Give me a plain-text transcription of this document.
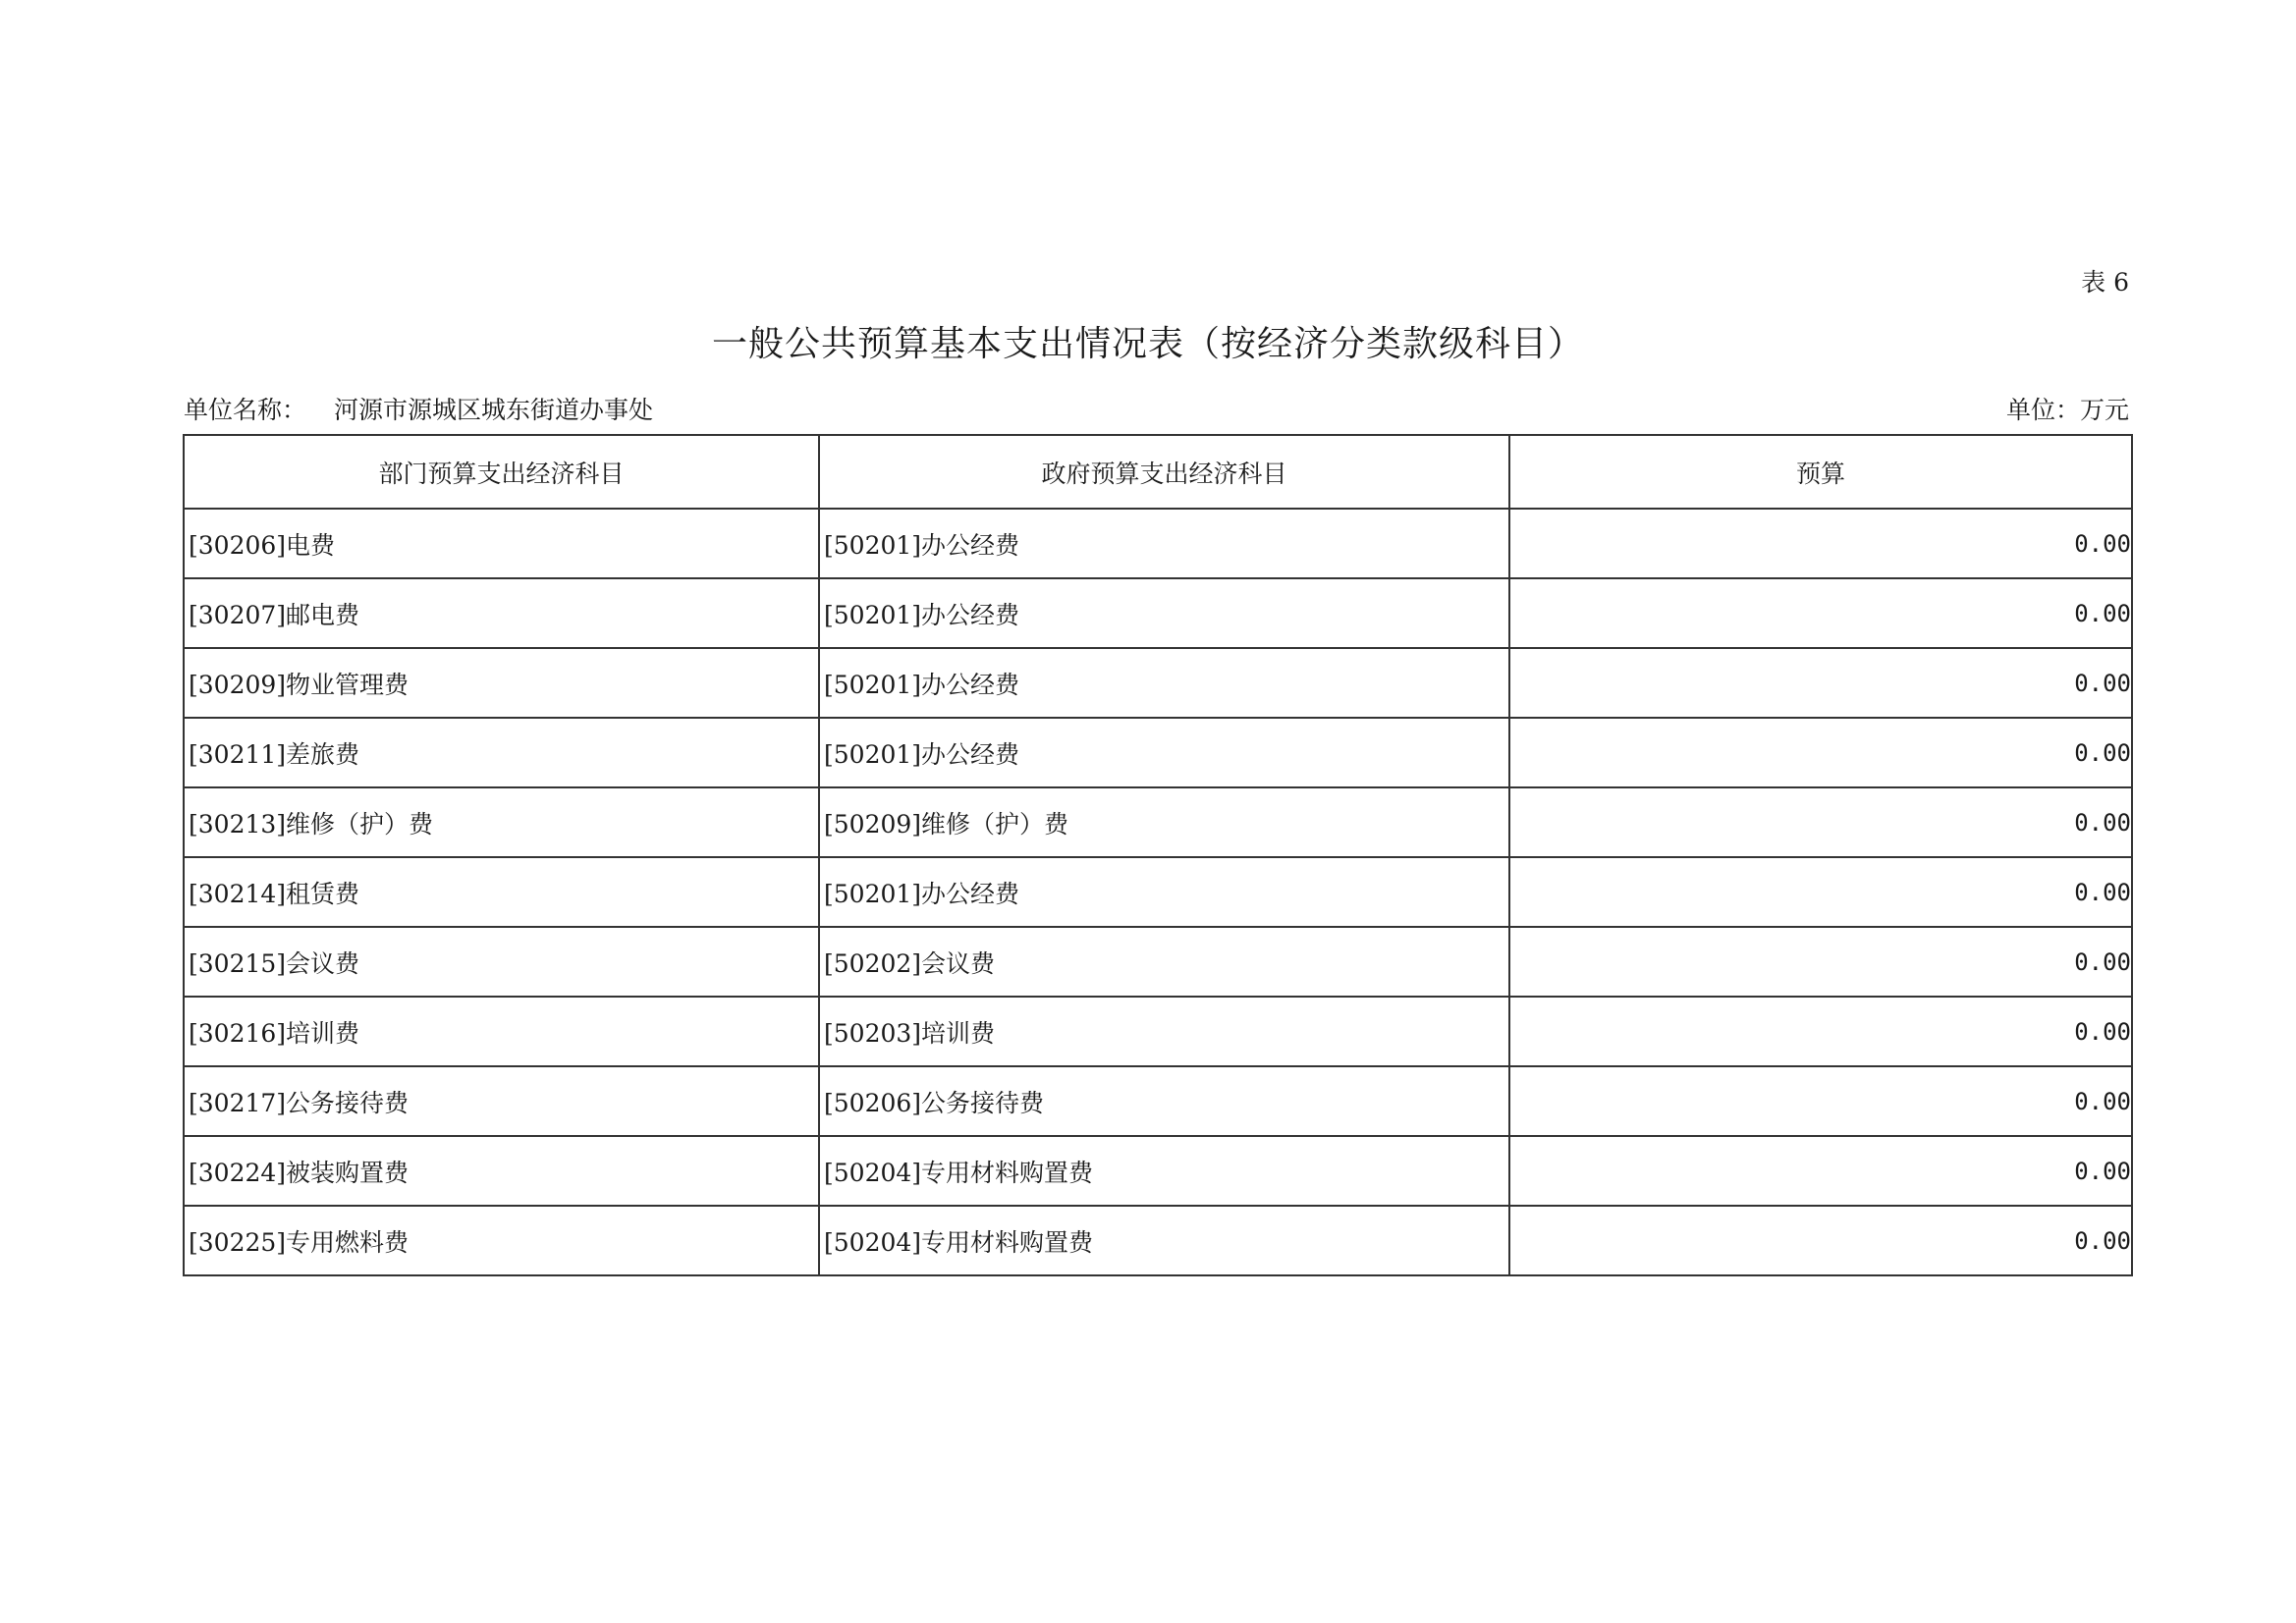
表 6
一般公共预算基本支出情况表（按经济分类款级科目）
单位名称： 河源市源城区城东街道办事处	单位：万元
部门预算支出经济科目	政府预算支出经济科目	预算
[30206]电费	[50201]办公经费	0.00
[30207]邮电费	[50201]办公经费	0.00
[30209]物业管理费	[50201]办公经费	0.00
[30211]差旅费	[50201]办公经费	0.00
[30213]维修（护）费	[50209]维修（护）费	0.00
[30214]租赁费	[50201]办公经费	0.00
[30215]会议费	[50202]会议费	0.00
[30216]培训费	[50203]培训费	0.00
[30217]公务接待费	[50206]公务接待费	0.00
[30224]被装购置费	[50204]专用材料购置费	0.00
[30225]专用燃料费	[50204]专用材料购置费	0.00
